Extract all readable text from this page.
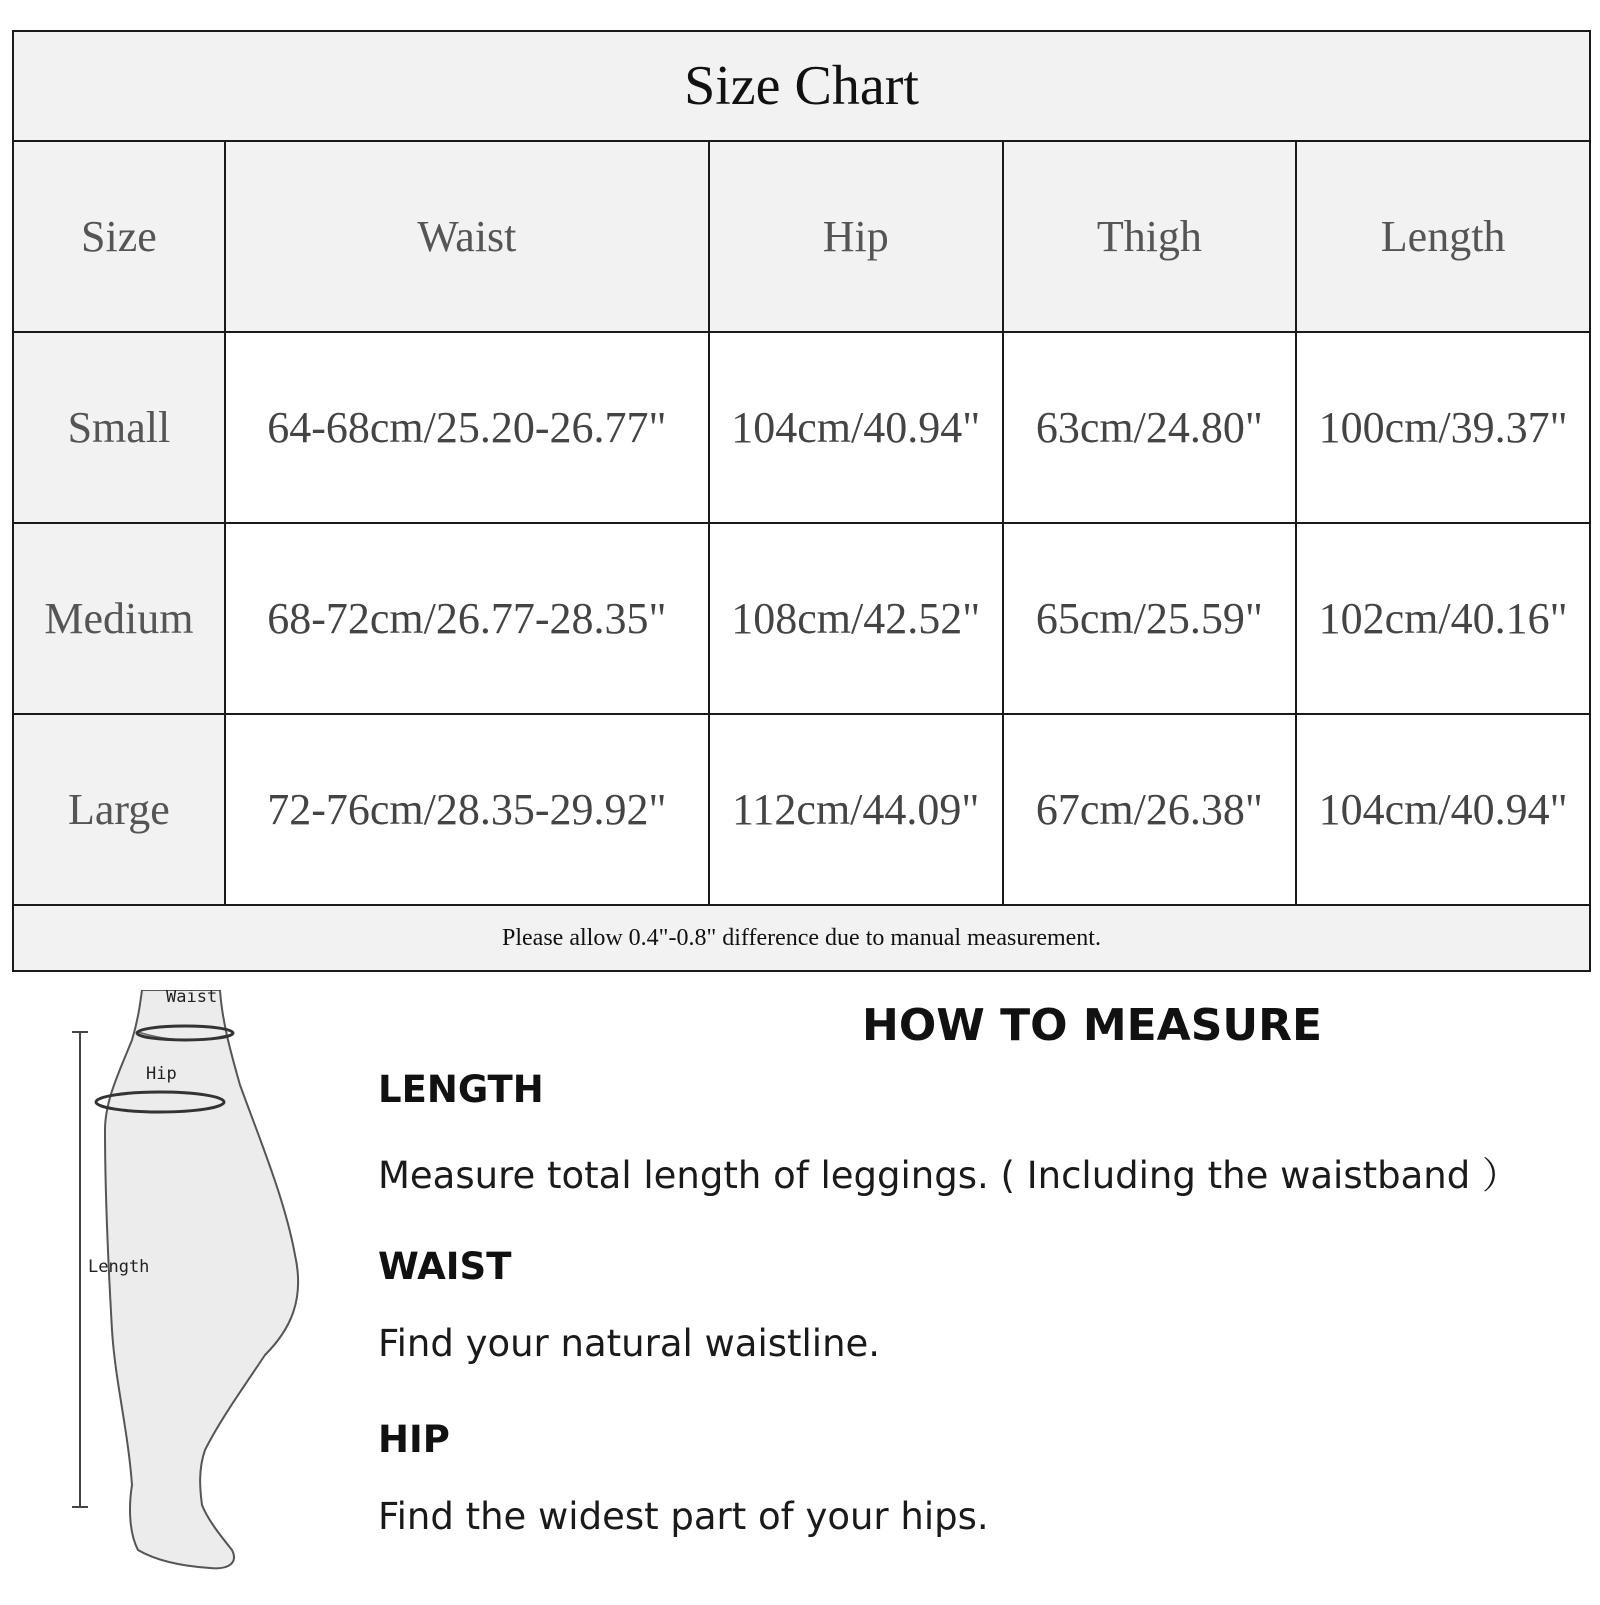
Size Chart				
Size	Waist	Hip	Thigh	Length
Small	64-68cm/25.20-26.77"	104cm/40.94"	63cm/24.80"	100cm/39.37"
Medium	68-72cm/26.77-28.35"	108cm/42.52"	65cm/25.59"	102cm/40.16"
Large	72-76cm/28.35-29.92"	112cm/44.09"	67cm/26.38"	104cm/40.94"
Please allow 0.4"-0.8" difference due to manual measurement.				
Waist
Hip
Length
HOW TO MEASURE
LENGTH
Measure total length of leggings. ( Including the waistband ）
WAIST
Find your natural waistline.
HIP
Find the widest part of your hips.
